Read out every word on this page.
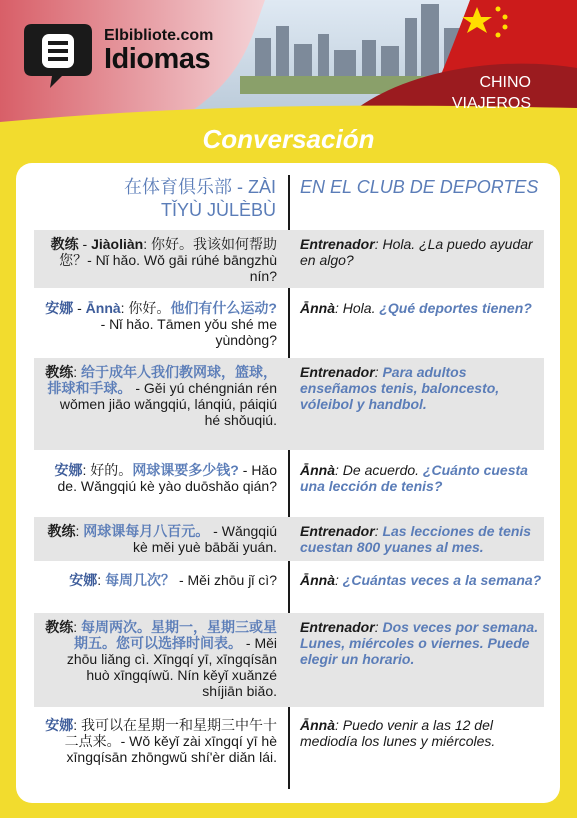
Elbibliote.com
Idiomas
CHINO
VIAJEROS
Conversación
在体育俱乐部 - ZÀI TǏYÙ JÙLÈBÙ
EN EL CLUB DE DEPORTES
教练 - Jiàoliàn: 你好。我该如何帮助您？- Nǐ hǎo. Wǒ gāi rúhé bāngzhù nín?
Entrenador: Hola. ¿La puedo ayudar en algo?
安娜 - Ānnà: 你好。他们有什么运动? - Nǐ hǎo. Tāmen yǒu shé me yùndòng?
Ānnà: Hola. ¿Qué deportes tienen?
教练: 给于成年人我们教网球，篮球，排球和手球。 - Gěi yú chéngnián rén wǒmen jiāo wǎngqiú, lánqiú, páiqiú hé shǒuqiú.
Entrenador: Para adultos enseñamos tenis, baloncesto, vóleibol y handbol.
安娜: 好的。网球课要多少钱? - Hǎo de. Wǎngqiú kè yào duōshǎo qián?
Ānnà: De acuerdo. ¿Cuánto cuesta una lección de tenis?
教练: 网球课每月八百元。 - Wǎngqiú kè měi yuè bābǎi yuán.
Entrenador: Las lecciones de tenis cuestan 800 yuanes al mes.
安娜: 每周几次？ - Měi zhōu jǐ cì? Ānnà: ¿Cuántas veces a la semana?
教练: 每周两次。星期一，星期三或星期五。您可以选择时间表。 - Měi zhōu liǎng cì. Xīngqí yī, xīngqísān huò xīngqíwǔ. Nín kěyǐ xuǎnzé shíjiān biǎo.
Entrenador: Dos veces por semana. Lunes, miércoles o viernes. Puede elegir un horario.
安娜: 我可以在星期一和星期三中午十二点来。- Wǒ kěyǐ zài xīngqí yī hè xīngqísān zhōngwǔ shí'èr diǎn lái.
Ānnà: Puedo venir a las 12 del mediodía los lunes y miércoles.
